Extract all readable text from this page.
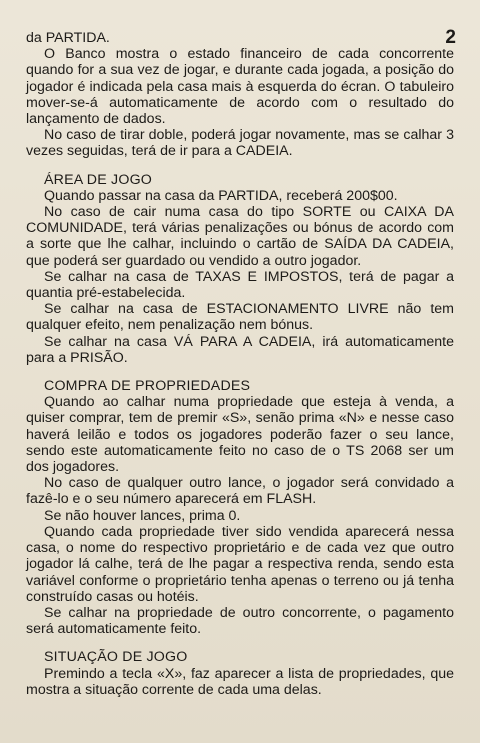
2

da PARTIDA.

O Banco mostra o estado financeiro de cada concorrente quando for a sua vez de jogar, e durante cada jogada, a posição do jogador é indicada pela casa mais à esquerda do écran. O tabuleiro mover-se-á automaticamente de acordo com o resultado do lançamento de dados.

No caso de tirar doble, poderá jogar novamente, mas se calhar 3 vezes seguidas, terá de ir para a CADEIA.

ÁREA DE JOGO

Quando passar na casa da PARTIDA, receberá 200$00.

No caso de cair numa casa do tipo SORTE ou CAIXA DA COMUNIDADE, terá várias penalizações ou bónus de acordo com a sorte que lhe calhar, incluindo o cartão de SAÍDA DA CADEIA, que poderá ser guardado ou vendido a outro jogador.

Se calhar na casa de TAXAS E IMPOSTOS, terá de pagar a quantia pré-estabelecida.

Se calhar na casa de ESTACIONAMENTO LIVRE não tem qualquer efeito, nem penalização nem bónus.

Se calhar na casa VÁ PARA A CADEIA, irá automaticamente para a PRISÃO.

COMPRA DE PROPRIEDADES

Quando ao calhar numa propriedade que esteja à venda, a quiser comprar, tem de premir «S», senão prima «N» e nesse caso haverá leilão e todos os jogadores poderão fazer o seu lance, sendo este automaticamente feito no caso de o TS 2068 ser um dos jogadores.

No caso de qualquer outro lance, o jogador será convidado a fazê-lo e o seu número aparecerá em FLASH.

Se não houver lances, prima 0.

Quando cada propriedade tiver sido vendida aparecerá nessa casa, o nome do respectivo proprietário e de cada vez que outro jogador lá calhe, terá de lhe pagar a respectiva renda, sendo esta variável conforme o proprietário tenha apenas o terreno ou já tenha construído casas ou hotéis.

Se calhar na propriedade de outro concorrente, o pagamento será automaticamente feito.

SITUAÇÃO DE JOGO

Premindo a tecla «X», faz aparecer a lista de propriedades, que mostra a situação corrente de cada uma delas.
